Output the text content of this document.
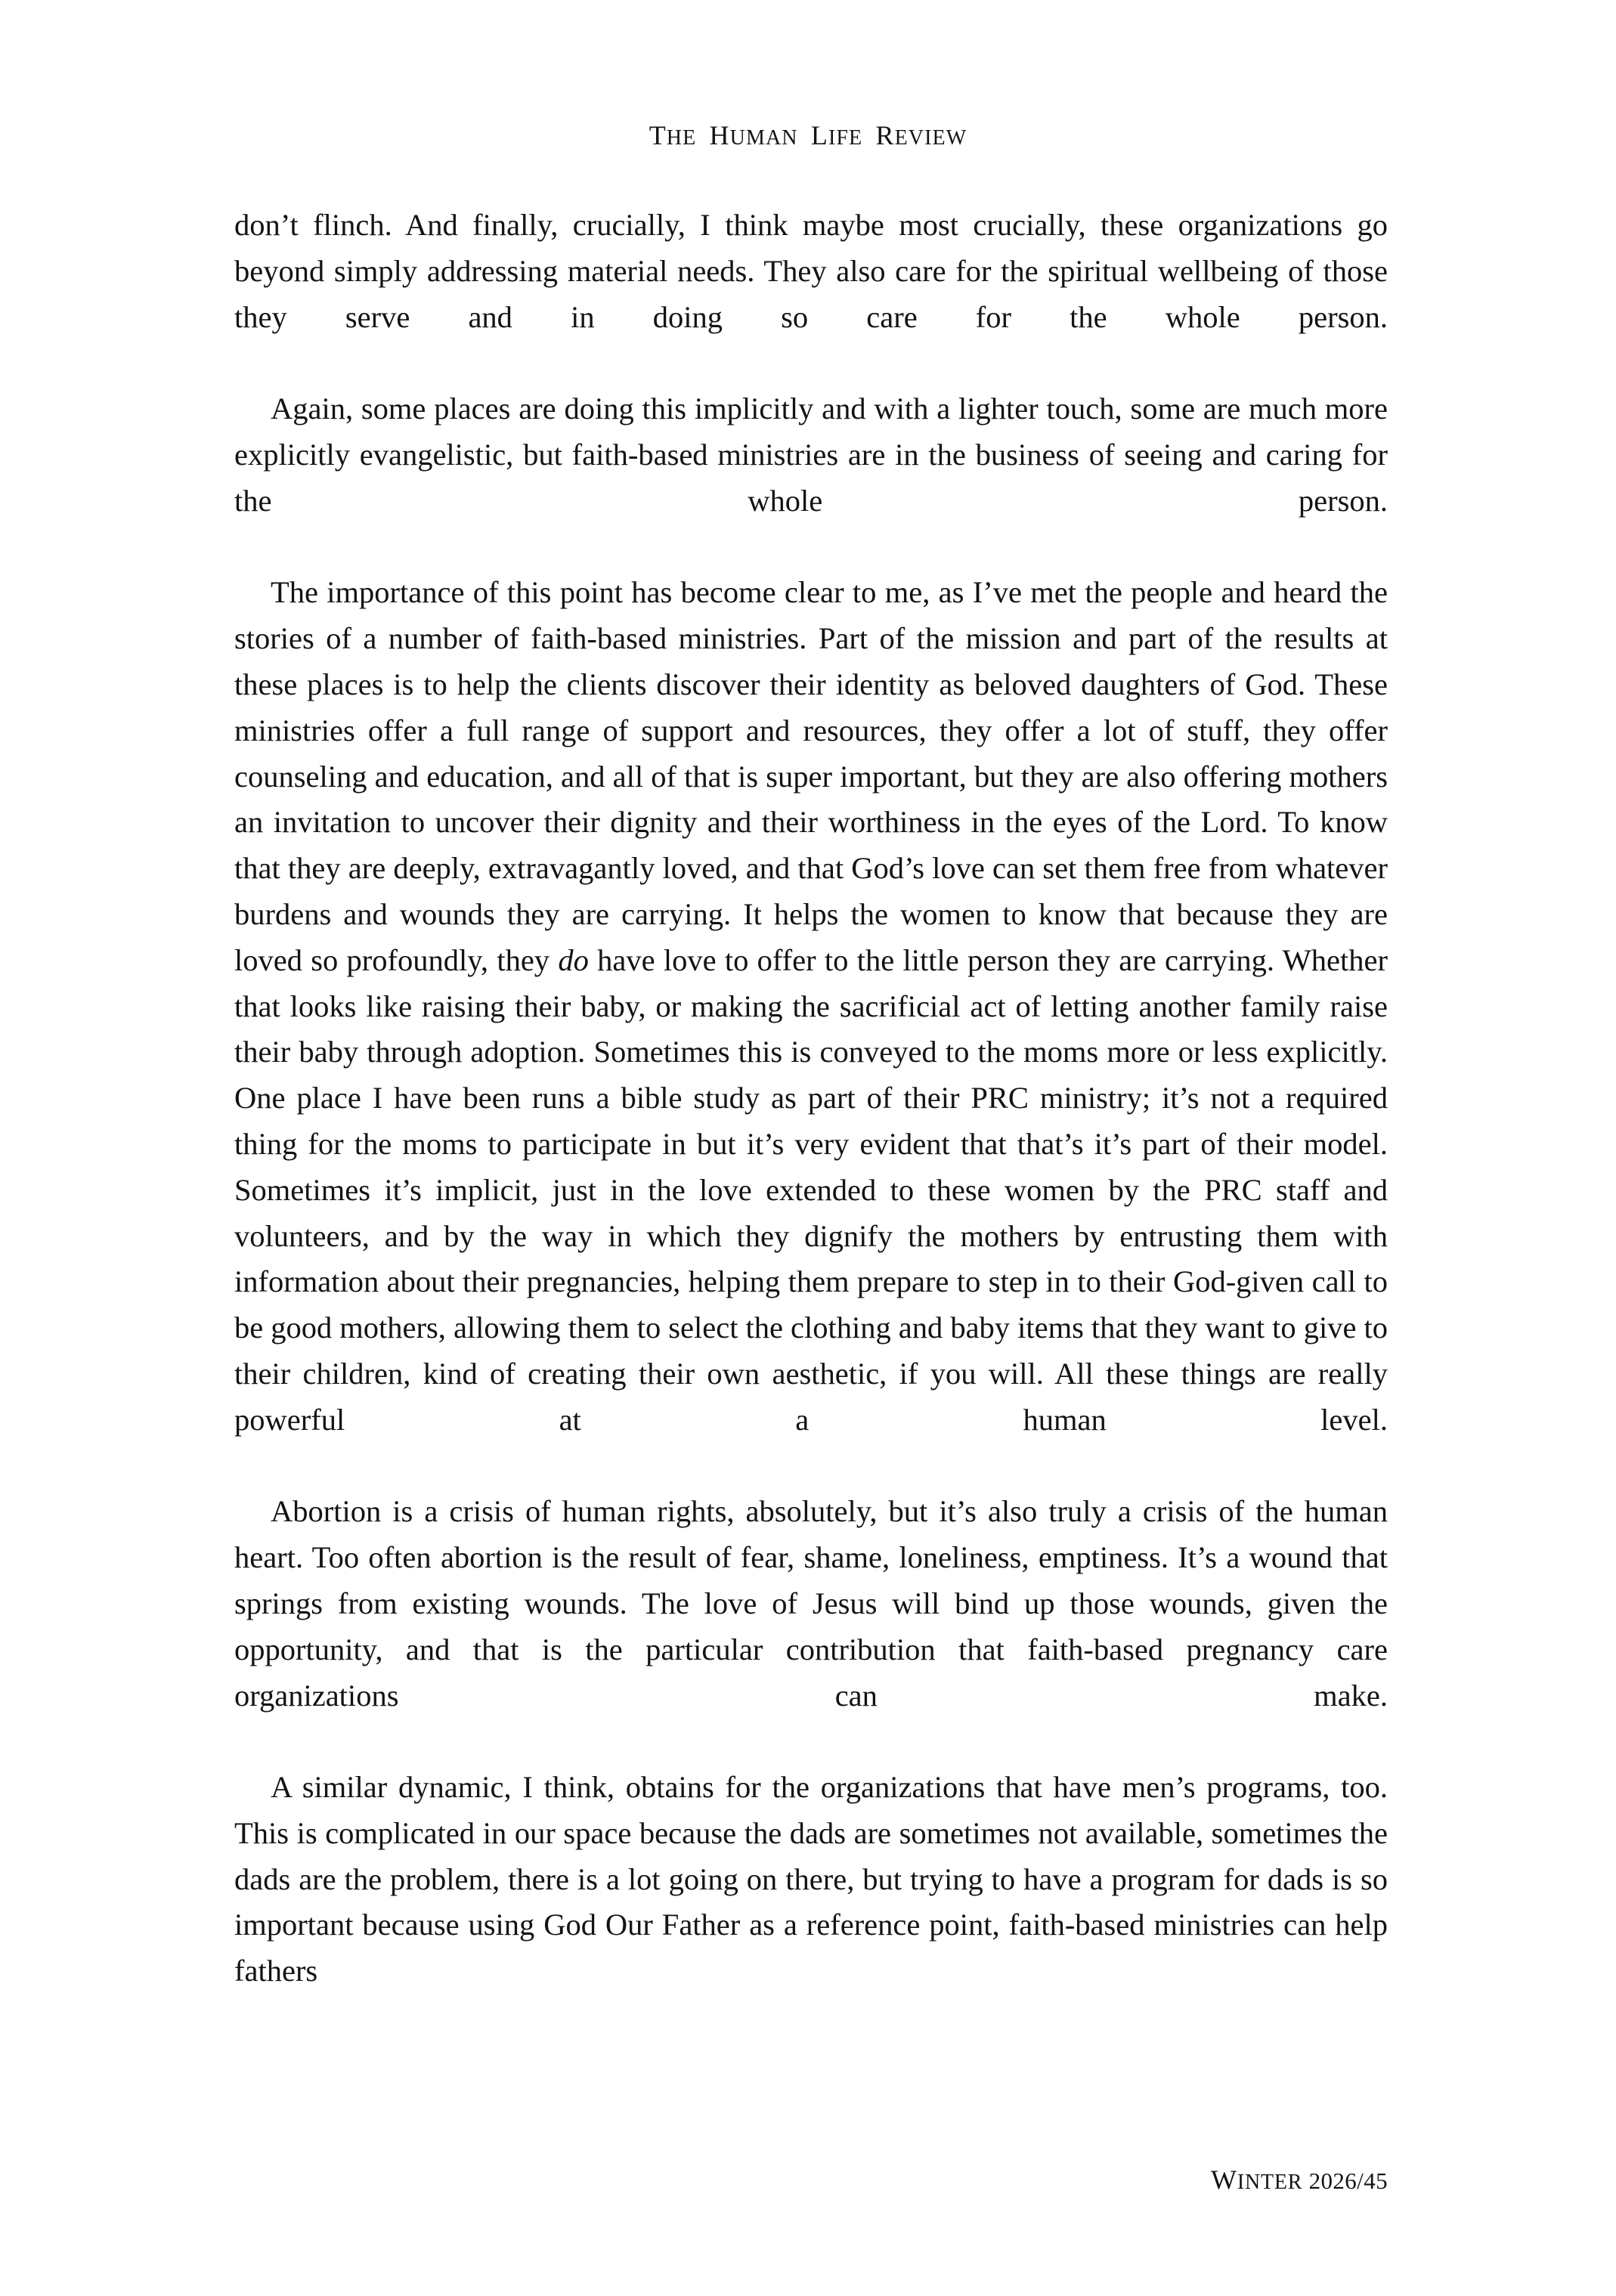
THE HUMAN LIFE REVIEW

don’t flinch. And finally, crucially, I think maybe most crucially, these organizations go beyond simply addressing material needs. They also care for the spiritual wellbeing of those they serve and in doing so care for the whole person.

Again, some places are doing this implicitly and with a lighter touch, some are much more explicitly evangelistic, but faith-based ministries are in the business of seeing and caring for the whole person.

The importance of this point has become clear to me, as I’ve met the people and heard the stories of a number of faith-based ministries. Part of the mission and part of the results at these places is to help the clients discover their identity as beloved daughters of God. These ministries offer a full range of support and resources, they offer a lot of stuff, they offer counseling and education, and all of that is super important, but they are also offering mothers an invitation to uncover their dignity and their worthiness in the eyes of the Lord. To know that they are deeply, extravagantly loved, and that God’s love can set them free from whatever burdens and wounds they are carrying. It helps the women to know that because they are loved so profoundly, they do have love to offer to the little person they are carrying. Whether that looks like raising their baby, or making the sacrificial act of letting another family raise their baby through adoption. Sometimes this is conveyed to the moms more or less explicitly. One place I have been runs a bible study as part of their PRC ministry; it’s not a required thing for the moms to participate in but it’s very evident that that’s it’s part of their model. Sometimes it’s implicit, just in the love extended to these women by the PRC staff and volunteers, and by the way in which they dignify the mothers by entrusting them with information about their pregnancies, helping them prepare to step in to their God-given call to be good mothers, allowing them to select the clothing and baby items that they want to give to their children, kind of creating their own aesthetic, if you will. All these things are really powerful at a human level.

Abortion is a crisis of human rights, absolutely, but it’s also truly a crisis of the human heart. Too often abortion is the result of fear, shame, loneliness, emptiness. It’s a wound that springs from existing wounds. The love of Jesus will bind up those wounds, given the opportunity, and that is the particular contribution that faith-based pregnancy care organizations can make.

A similar dynamic, I think, obtains for the organizations that have men’s programs, too. This is complicated in our space because the dads are sometimes not available, sometimes the dads are the problem, there is a lot going on there, but trying to have a program for dads is so important because using God Our Father as a reference point, faith-based ministries can help fathers

WINTER 2026/45
